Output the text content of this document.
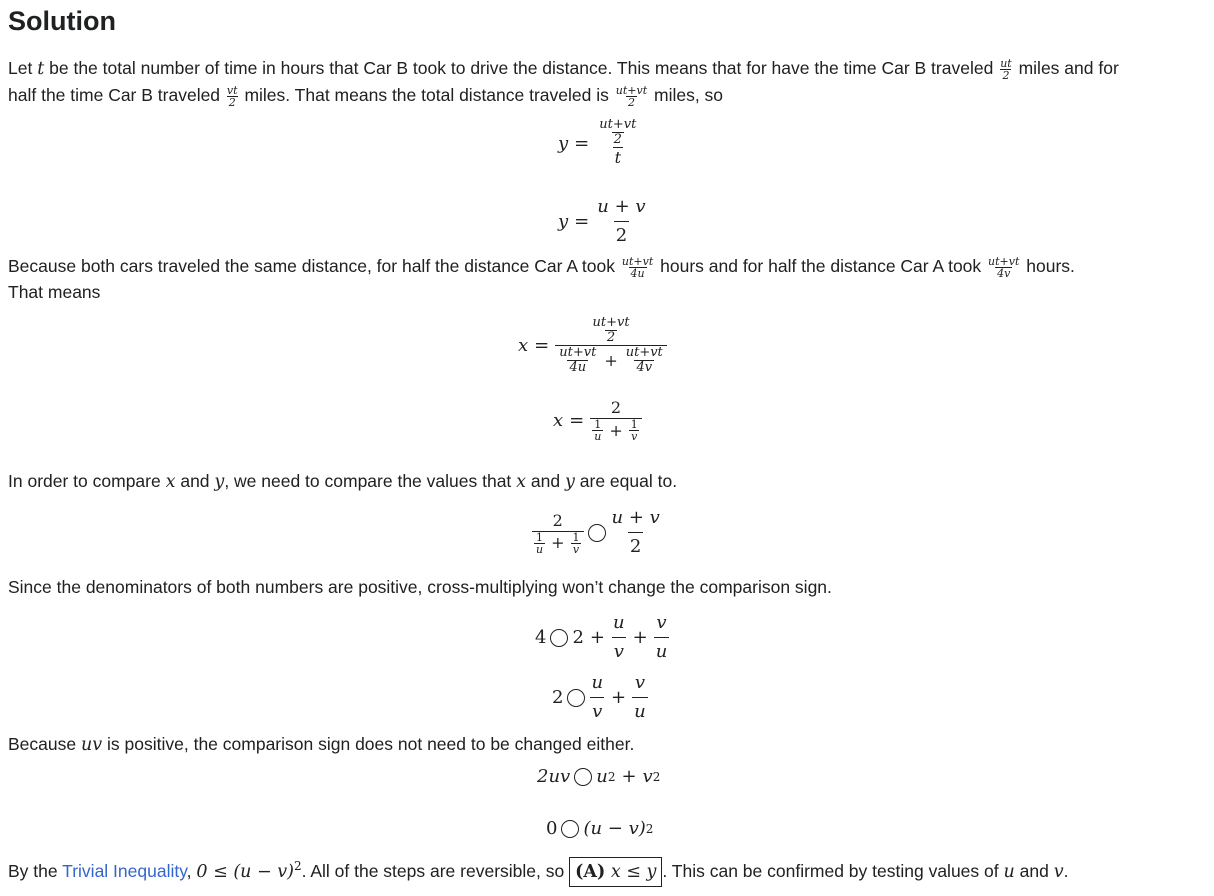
Solution
Let t be the total number of time in hours that Car B took to drive the distance. This means that for have the time Car B traveled $\frac{ut}{2}$ miles and for
half the time Car B traveled $\frac{vt}{2}$ miles. That means the total distance traveled is $\frac{ut+vt}{2}$ miles, so
$y = \frac{\frac{ut+vt}{2}}{t}$
$y = \frac{u + v}{2}$
Because both cars traveled the same distance, for half the distance Car A took $\frac{ut+vt}{4u}$ hours and for half the distance Car A took $\frac{ut+vt}{4v}$ hours.
That means
$x = \frac{\frac{ut+vt}{2}}{\frac{ut+vt}{4u} + \frac{ut+vt}{4v}}$
$x = \frac{2}{\frac{1}{u} + \frac{1}{v}}$
In order to compare x and y, we need to compare the values that x and y are equal to.
$\frac{2}{\frac{1}{u} + \frac{1}{v}} \frac{u + v}{2}$
Since the denominators of both numbers are positive, cross-multiplying won’t change the comparison sign.
4 $2 + \frac{u}{v} + \frac{v}{u}$
$2 \frac{u}{v} + \frac{v}{u}$
Because uv is positive, the comparison sign does not need to be changed either.
2uv u 2 + v 2
0 (u − v) 2
By the Trivial Inequality, $0 \le (u - v)^2$. All of the steps are reversible, so (A) x ≤ y . This can be confirmed by testing values of u and v.
